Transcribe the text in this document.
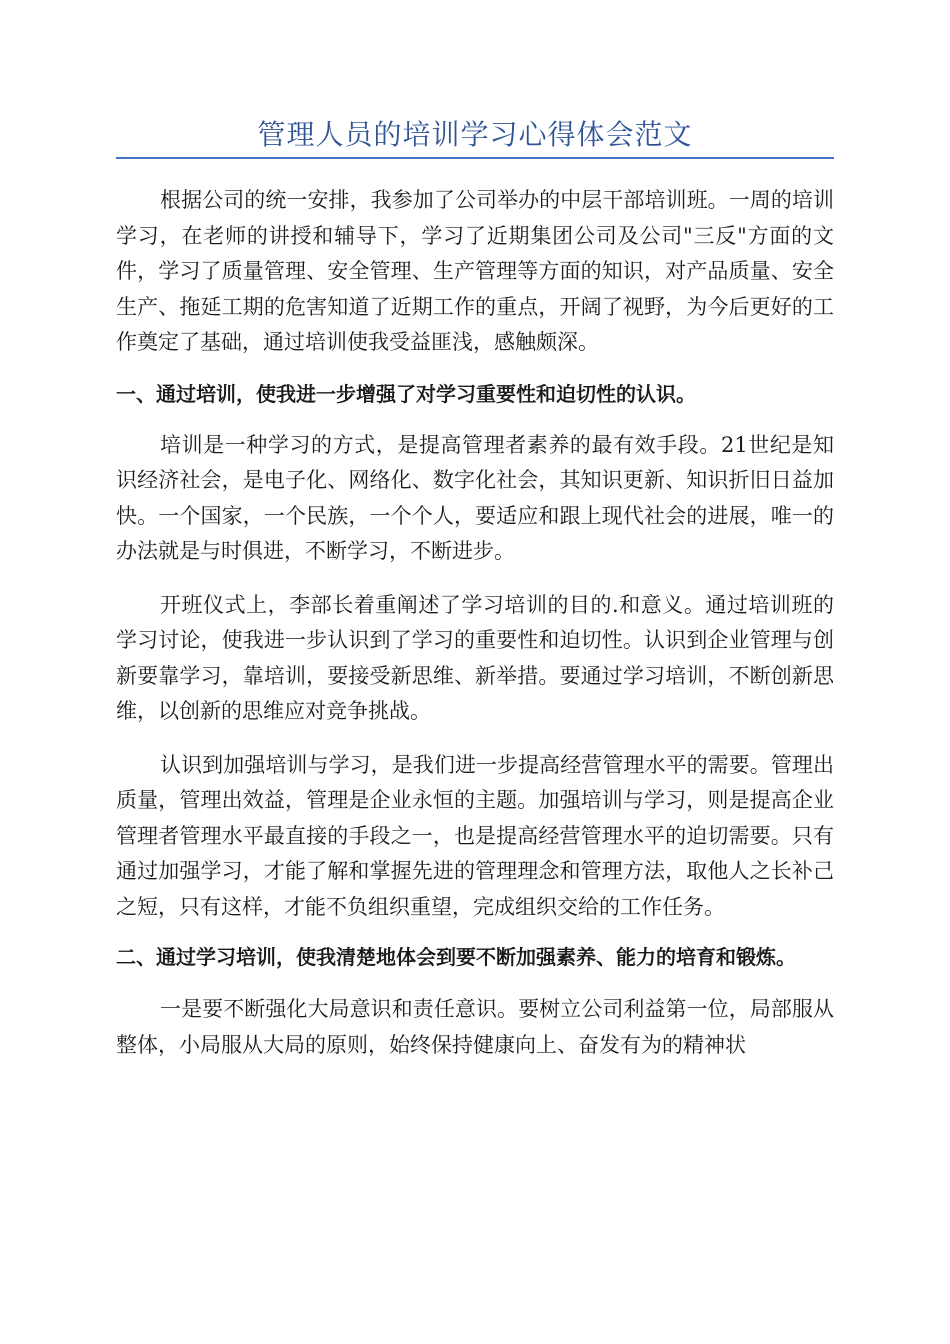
管理人员的培训学习心得体会范文

根据公司的统一安排，我参加了公司举办的中层干部培训班。一周的培训学习，在老师的讲授和辅导下，学习了近期集团公司及公司"三反"方面的文件，学习了质量管理、安全管理、生产管理等方面的知识，对产品质量、安全生产、拖延工期的危害知道了近期工作的重点，开阔了视野，为今后更好的工作奠定了基础，通过培训使我受益匪浅，感触颇深。

一、通过培训，使我进一步增强了对学习重要性和迫切性的认识。

培训是一种学习的方式，是提高管理者素养的最有效手段。21世纪是知识经济社会，是电子化、网络化、数字化社会，其知识更新、知识折旧日益加快。一个国家，一个民族，一个个人，要适应和跟上现代社会的进展，唯一的办法就是与时俱进，不断学习，不断进步。

开班仪式上，李部长着重阐述了学习培训的目的.和意义。通过培训班的学习讨论，使我进一步认识到了学习的重要性和迫切性。认识到企业管理与创新要靠学习，靠培训，要接受新思维、新举措。要通过学习培训，不断创新思维，以创新的思维应对竞争挑战。

认识到加强培训与学习，是我们进一步提高经营管理水平的需要。管理出质量，管理出效益，管理是企业永恒的主题。加强培训与学习，则是提高企业管理者管理水平最直接的手段之一，也是提高经营管理水平的迫切需要。只有通过加强学习，才能了解和掌握先进的管理理念和管理方法，取他人之长补己之短，只有这样，才能不负组织重望，完成组织交给的工作任务。

二、通过学习培训，使我清楚地体会到要不断加强素养、能力的培育和锻炼。

一是要不断强化大局意识和责任意识。要树立公司利益第一位，局部服从整体，小局服从大局的原则，始终保持健康向上、奋发有为的精神状
